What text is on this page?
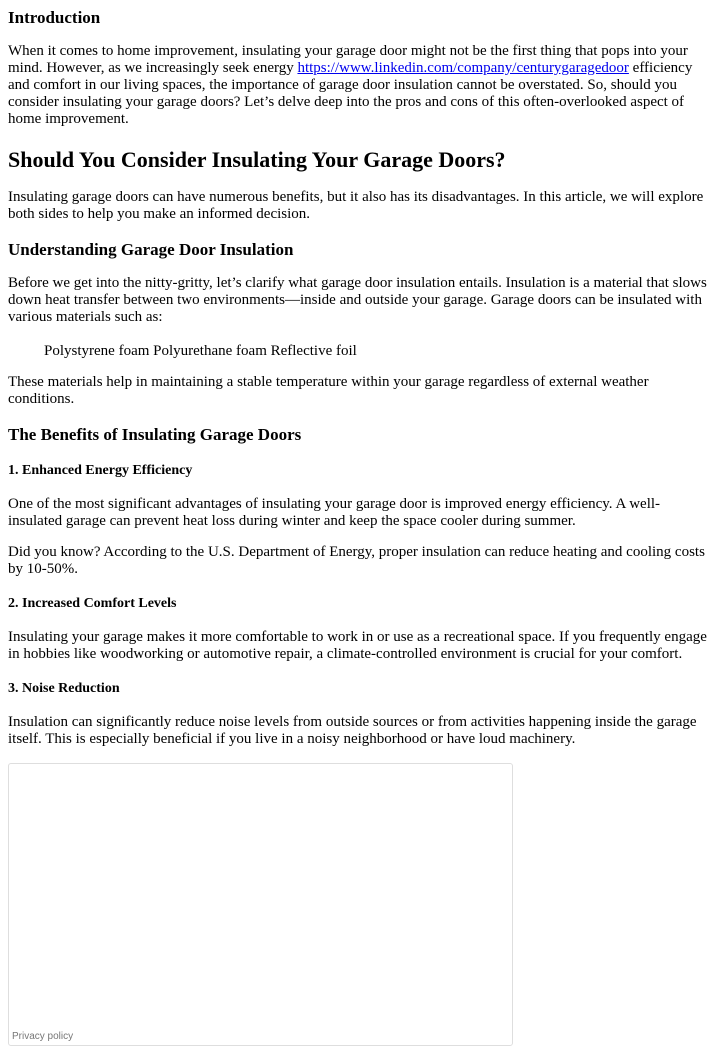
Introduction

When it comes to home improvement, insulating your garage door might not be the first thing that pops into your mind. However, as we increasingly seek energy https://www.linkedin.com/company/centurygaragedoor efficiency and comfort in our living spaces, the importance of garage door insulation cannot be overstated. So, should you consider insulating your garage doors? Let’s delve deep into the pros and cons of this often-overlooked aspect of home improvement.

Should You Consider Insulating Your Garage Doors?

Insulating garage doors can have numerous benefits, but it also has its disadvantages. In this article, we will explore both sides to help you make an informed decision.

Understanding Garage Door Insulation

Before we get into the nitty-gritty, let’s clarify what garage door insulation entails. Insulation is a material that slows down heat transfer between two environments—inside and outside your garage. Garage doors can be insulated with various materials such as:

Polystyrene foam Polyurethane foam Reflective foil

These materials help in maintaining a stable temperature within your garage regardless of external weather conditions.

The Benefits of Insulating Garage Doors
1. Enhanced Energy Efficiency

One of the most significant advantages of insulating your garage door is improved energy efficiency. A well-insulated garage can prevent heat loss during winter and keep the space cooler during summer.

Did you know? According to the U.S. Department of Energy, proper insulation can reduce heating and cooling costs by 10-50%.

2. Increased Comfort Levels

Insulating your garage makes it more comfortable to work in or use as a recreational space. If you frequently engage in hobbies like woodworking or automotive repair, a climate-controlled environment is crucial for your comfort.

3. Noise Reduction

Insulation can significantly reduce noise levels from outside sources or from activities happening inside the garage itself. This is especially beneficial if you live in a noisy neighborhood or have loud machinery.

Privacy policy
